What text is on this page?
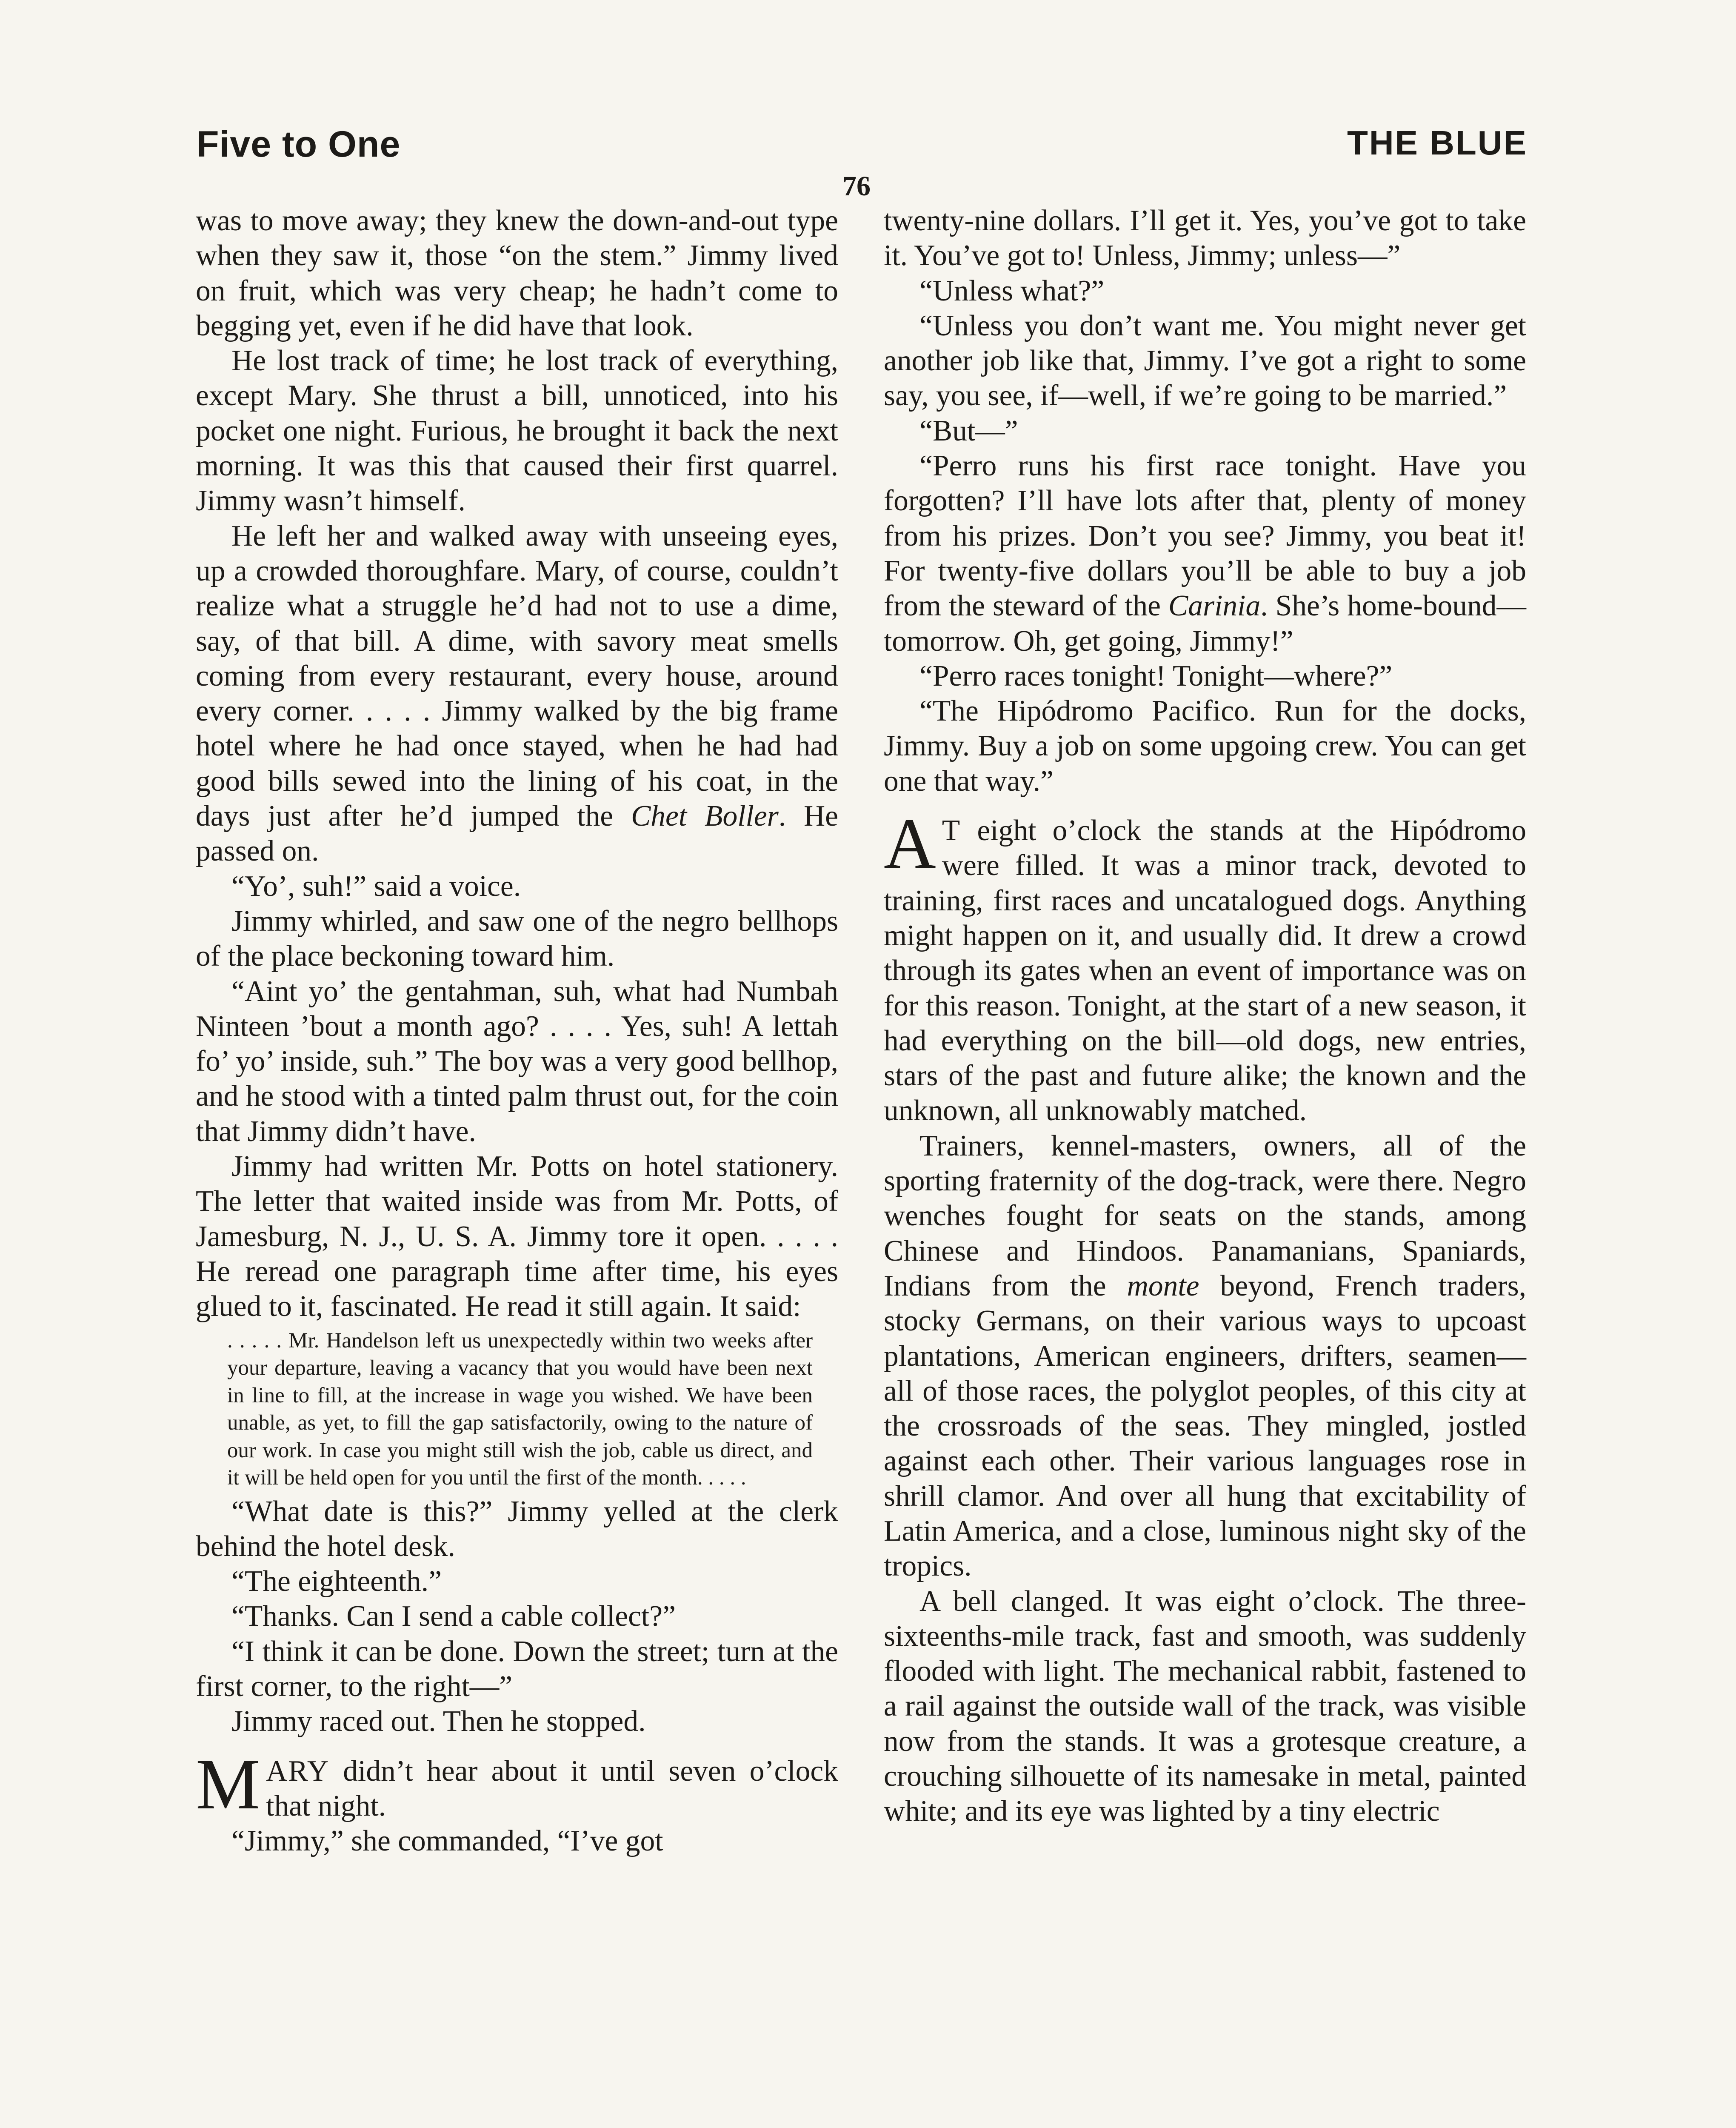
Five to One	THE BLUE
76

was to move away; they knew the down-and-out type when they saw it, those “on the stem.” Jimmy lived on fruit, which was very cheap; he hadn’t come to begging yet, even if he did have that look.

He lost track of time; he lost track of everything, except Mary. She thrust a bill, unnoticed, into his pocket one night. Furious, he brought it back the next morning. It was this that caused their first quarrel. Jimmy wasn’t himself.

He left her and walked away with unseeing eyes, up a crowded thoroughfare. Mary, of course, couldn’t realize what a struggle he’d had not to use a dime, say, of that bill. A dime, with savory meat smells coming from every restaurant, every house, around every corner. . . . . Jimmy walked by the big frame hotel where he had once stayed, when he had had good bills sewed into the lining of his coat, in the days just after he’d jumped the Chet Boller. He passed on.

“Yo’, suh!” said a voice.

Jimmy whirled, and saw one of the negro bellhops of the place beckoning toward him.

“Aint yo’ the gentahman, suh, what had Numbah Ninteen ’bout a month ago? . . . . Yes, suh! A lettah fo’ yo’ inside, suh.” The boy was a very good bellhop, and he stood with a tinted palm thrust out, for the coin that Jimmy didn’t have.

Jimmy had written Mr. Potts on hotel stationery. The letter that waited inside was from Mr. Potts, of Jamesburg, N. J., U. S. A. Jimmy tore it open. . . . . He reread one paragraph time after time, his eyes glued to it, fascinated. He read it still again. It said:

. . . . . Mr. Handelson left us unexpectedly within two weeks after your departure, leaving a vacancy that you would have been next in line to fill, at the increase in wage you wished. We have been unable, as yet, to fill the gap satisfactorily, owing to the nature of our work. In case you might still wish the job, cable us direct, and it will be held open for you until the first of the month. . . . .

“What date is this?” Jimmy yelled at the clerk behind the hotel desk.

“The eighteenth.”

“Thanks. Can I send a cable collect?”

“I think it can be done. Down the street; turn at the first corner, to the right—”

Jimmy raced out. Then he stopped.

MARY didn’t hear about it until seven o’clock that night.

“Jimmy,” she commanded, “I’ve got

twenty-nine dollars. I’ll get it. Yes, you’ve got to take it. You’ve got to! Unless, Jimmy; unless—”

“Unless what?”

“Unless you don’t want me. You might never get another job like that, Jimmy. I’ve got a right to some say, you see, if—well, if we’re going to be married.”

“But—”

“Perro runs his first race tonight. Have you forgotten? I’ll have lots after that, plenty of money from his prizes. Don’t you see? Jimmy, you beat it! For twenty-five dollars you’ll be able to buy a job from the steward of the Carinia. She’s home-bound—tomorrow. Oh, get going, Jimmy!”

“Perro races tonight! Tonight—where?”

“The Hipódromo Pacifico. Run for the docks, Jimmy. Buy a job on some upgoing crew. You can get one that way.”

A T eight o’clock the stands at the Hipódromo were filled. It was a minor track, devoted to training, first races and uncatalogued dogs. Anything might happen on it, and usually did. It drew a crowd through its gates when an event of importance was on for this reason. Tonight, at the start of a new season, it had everything on the bill—old dogs, new entries, stars of the past and future alike; the known and the unknown, all unknowably matched.

Trainers, kennel-masters, owners, all of the sporting fraternity of the dog-track, were there. Negro wenches fought for seats on the stands, among Chinese and Hindoos. Panamanians, Spaniards, Indians from the monte beyond, French traders, stocky Germans, on their various ways to upcoast plantations, American engineers, drifters, seamen—all of those races, the polyglot peoples, of this city at the crossroads of the seas. They mingled, jostled against each other. Their various languages rose in shrill clamor. And over all hung that excitability of Latin America, and a close, luminous night sky of the tropics.

A bell clanged. It was eight o’clock. The three-sixteenths-mile track, fast and smooth, was suddenly flooded with light. The mechanical rabbit, fastened to a rail against the outside wall of the track, was visible now from the stands. It was a grotesque creature, a crouching silhouette of its namesake in metal, painted white; and its eye was lighted by a tiny electric
